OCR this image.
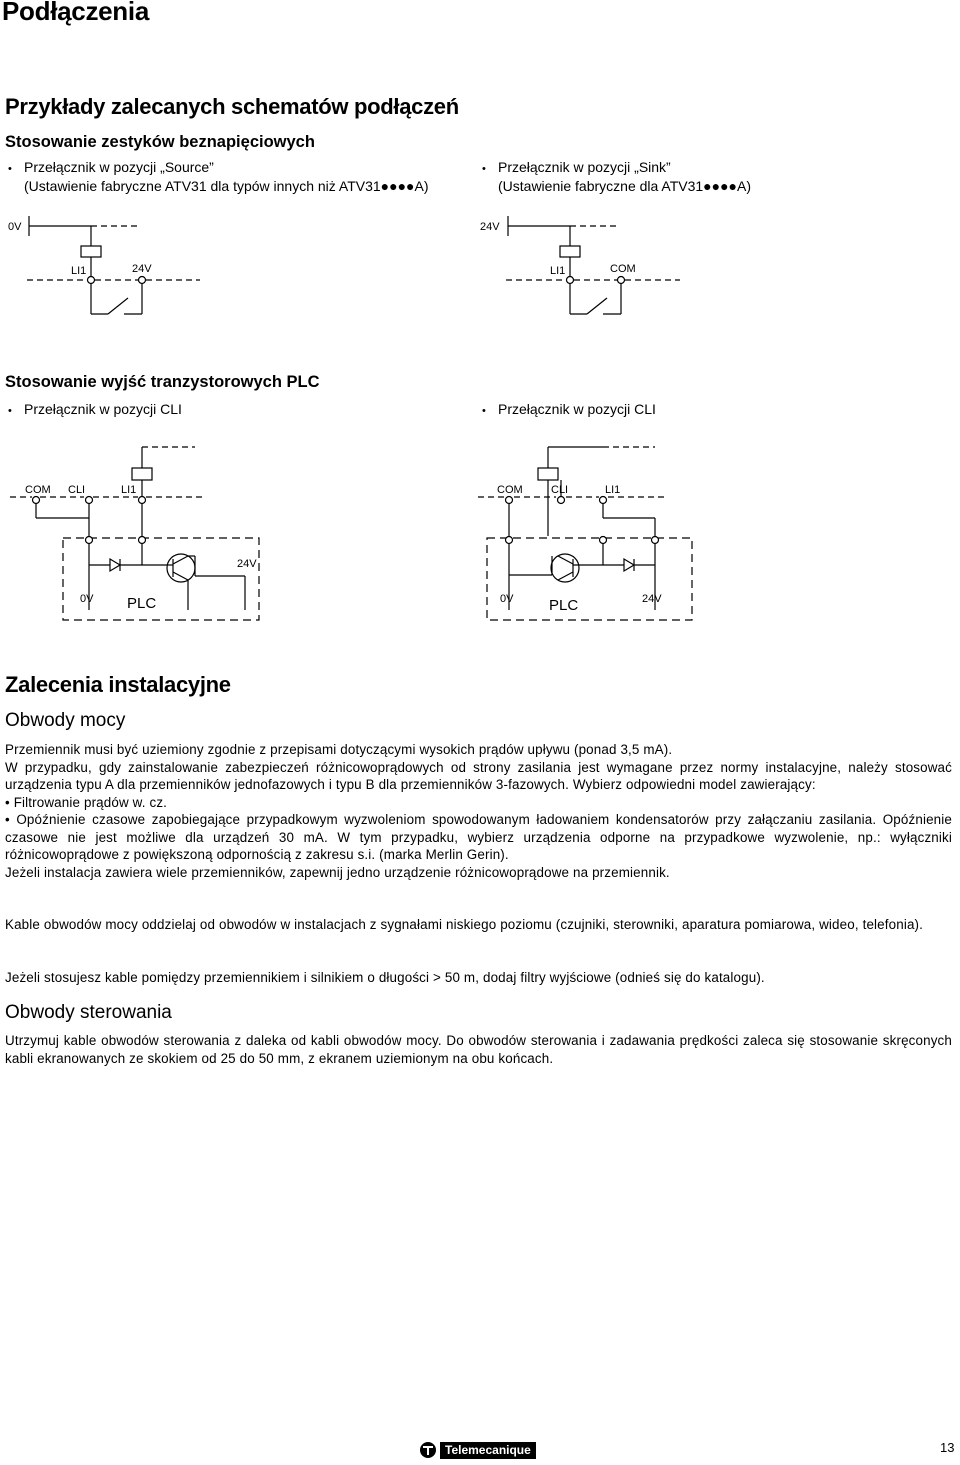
Podłączenia
Przykłady zalecanych schematów podłączeń
Stosowanie zestyków beznapięciowych
• Przełącznik w pozycji „Source”
(Ustawienie fabryczne ATV31 dla typów innych niż ATV31●●●●A)
• Przełącznik w pozycji „Sink”
(Ustawienie fabryczne dla ATV31●●●●A)
0V
LI1	24V
24V
LI1	COM
Stosowanie wyjść tranzystorowych PLC
• Przełącznik w pozycji CLI	• Przełącznik w pozycji CLI
COM CLI	LI1
24V
0V PLC
COM	CLI	LI1
0V PLC	24V
Zalecenia instalacyjne
Obwody mocy

Przemiennik musi być uziemiony zgodnie z przepisami dotyczącymi wysokich prądów upływu (ponad 3,5 mA).

W przypadku, gdy zainstalowanie zabezpieczeń różnicowoprądowych od strony zasilania jest wymagane przez normy instalacyjne, należy stosować urządzenia typu A dla przemienników jednofazowych i typu B dla przemienników 3-fazowych. Wybierz odpowiedni model zawierający:

• Filtrowanie prądów w. cz.

• Opóźnienie czasowe zapobiegające przypadkowym wyzwoleniom spowodowanym ładowaniem kondensatorów przy załączaniu zasilania. Opóźnienie czasowe nie jest możliwe dla urządzeń 30 mA. W tym przypadku, wybierz urządzenia odporne na przypadkowe wyzwolenie, np.: wyłączniki różnicowoprądowe z powiększoną odpornością z zakresu s.i. (marka Merlin Gerin).

Jeżeli instalacja zawiera wiele przemienników, zapewnij jedno urządzenie różnicowoprądowe na przemiennik.

Kable obwodów mocy oddzielaj od obwodów w instalacjach z sygnałami niskiego poziomu (czujniki, sterowniki, aparatura pomiarowa, wideo, telefonia).
Jeżeli stosujesz kable pomiędzy przemiennikiem i silnikiem o długości > 50 m, dodaj filtry wyjściowe (odnieś się do katalogu).
Obwody sterowania
Utrzymuj kable obwodów sterowania z daleka od kabli obwodów mocy. Do obwodów sterowania i zadawania prędkości zaleca się stosowanie skręconych kabli ekranowanych ze skokiem od 25 do 50 mm, z ekranem uziemionym na obu końcach.
Telemecanique	13
